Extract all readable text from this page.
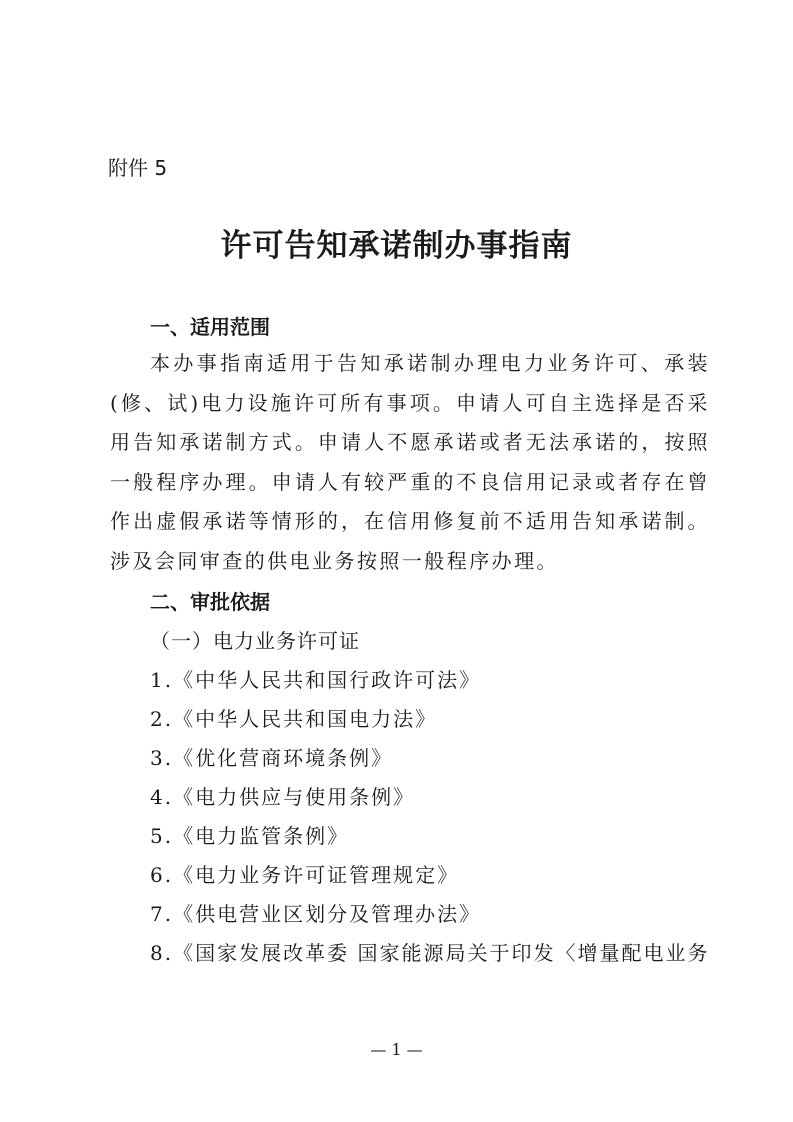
附件 5
许可告知承诺制办事指南
一、适用范围
本办事指南适用于告知承诺制办理电力业务许可、承装(修、试)电力设施许可所有事项。申请人可自主选择是否采用告知承诺制方式。申请人不愿承诺或者无法承诺的，按照一般程序办理。申请人有较严重的不良信用记录或者存在曾作出虚假承诺等情形的，在信用修复前不适用告知承诺制。涉及会同审查的供电业务按照一般程序办理。
二、审批依据
（一）电力业务许可证
1.《中华人民共和国行政许可法》
2.《中华人民共和国电力法》
3.《优化营商环境条例》
4.《电力供应与使用条例》
5.《电力监管条例》
6.《电力业务许可证管理规定》
7.《供电营业区划分及管理办法》
8.《国家发展改革委 国家能源局关于印发〈增量配电业务
— 1 —
